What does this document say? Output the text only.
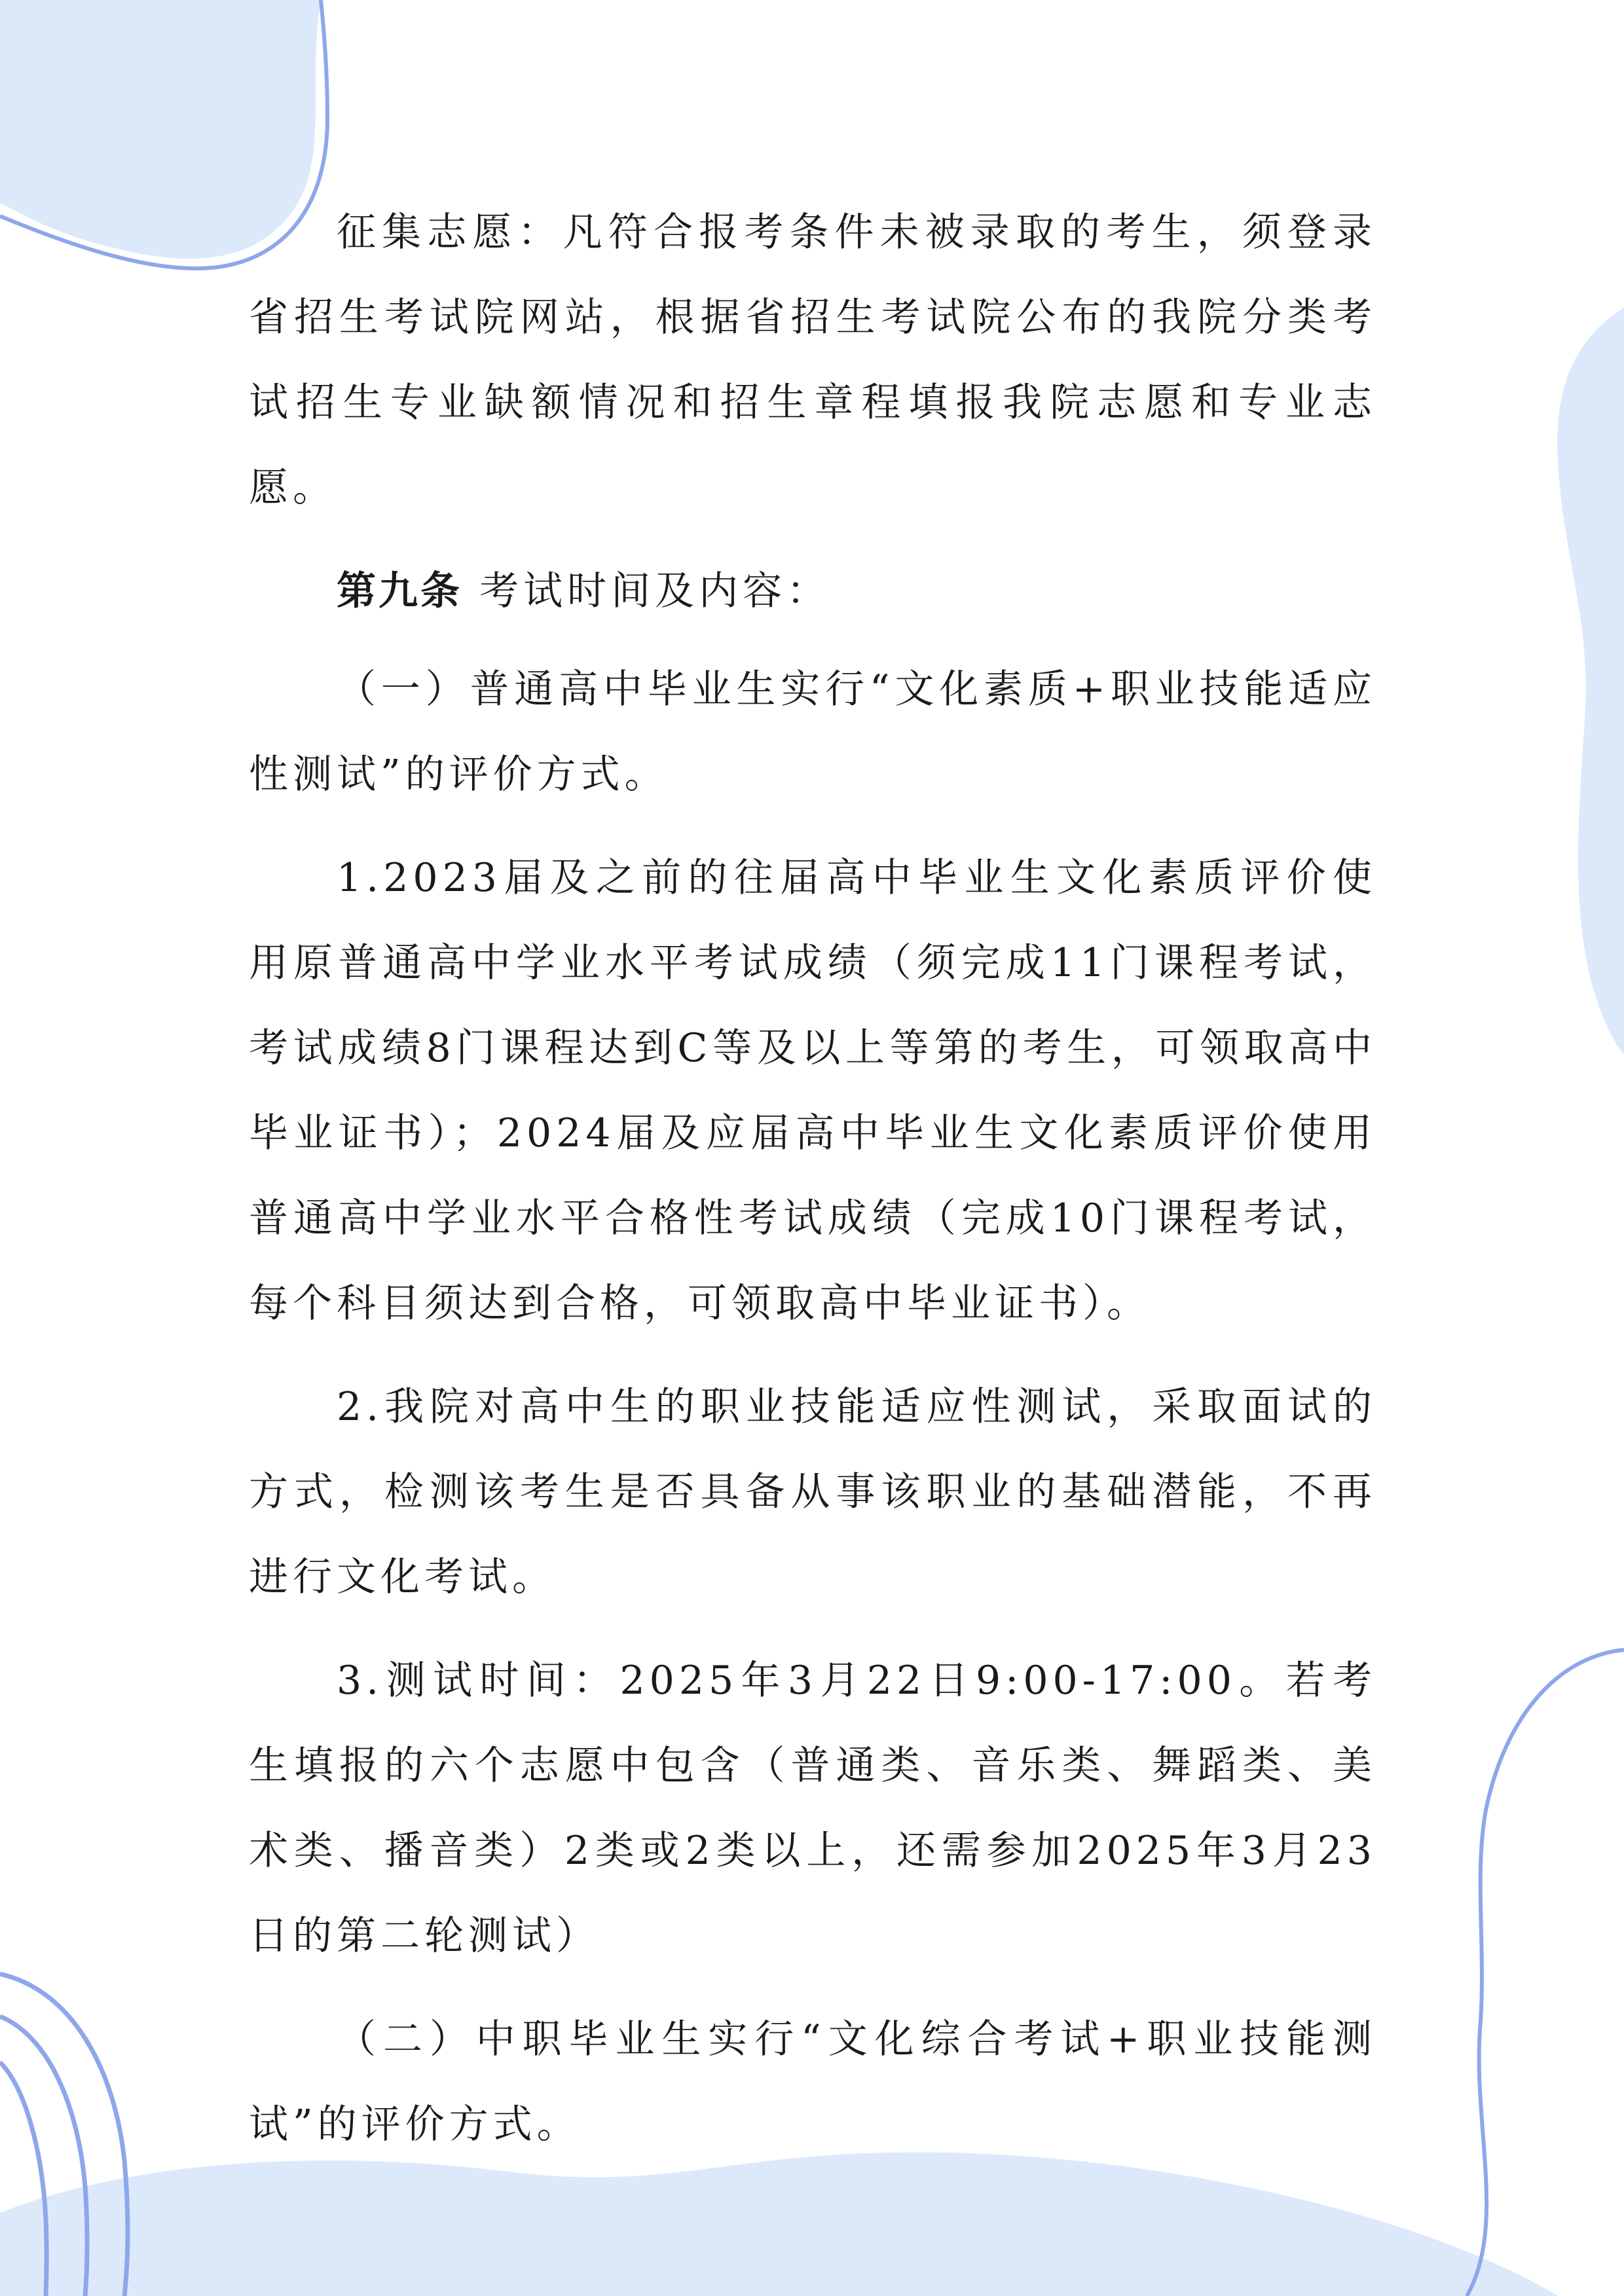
征集志愿：凡符合报考条件未被录取的考生，须登录省招生考试院网站，根据省招生考试院公布的我院分类考试招生专业缺额情况和招生章程填报我院志愿和专业志愿。

第九条 考试时间及内容：

（一）普通高中毕业生实行“文化素质+职业技能适应性测试”的评价方式。

1.2023届及之前的往届高中毕业生文化素质评价使用原普通高中学业水平考试成绩（须完成11门课程考试，考试成绩8门课程达到C等及以上等第的考生，可领取高中毕业证书）；2024届及应届高中毕业生文化素质评价使用普通高中学业水平合格性考试成绩（完成10门课程考试，每个科目须达到合格，可领取高中毕业证书）。

2.我院对高中生的职业技能适应性测试，采取面试的方式，检测该考生是否具备从事该职业的基础潜能，不再进行文化考试。

3.测试时间：2025年3月22日9:00-17:00。若考生填报的六个志愿中包含（普通类、音乐类、舞蹈类、美术类、播音类）2类或2类以上，还需参加2025年3月23日的第二轮测试）

（二）中职毕业生实行“文化综合考试+职业技能测试”的评价方式。
